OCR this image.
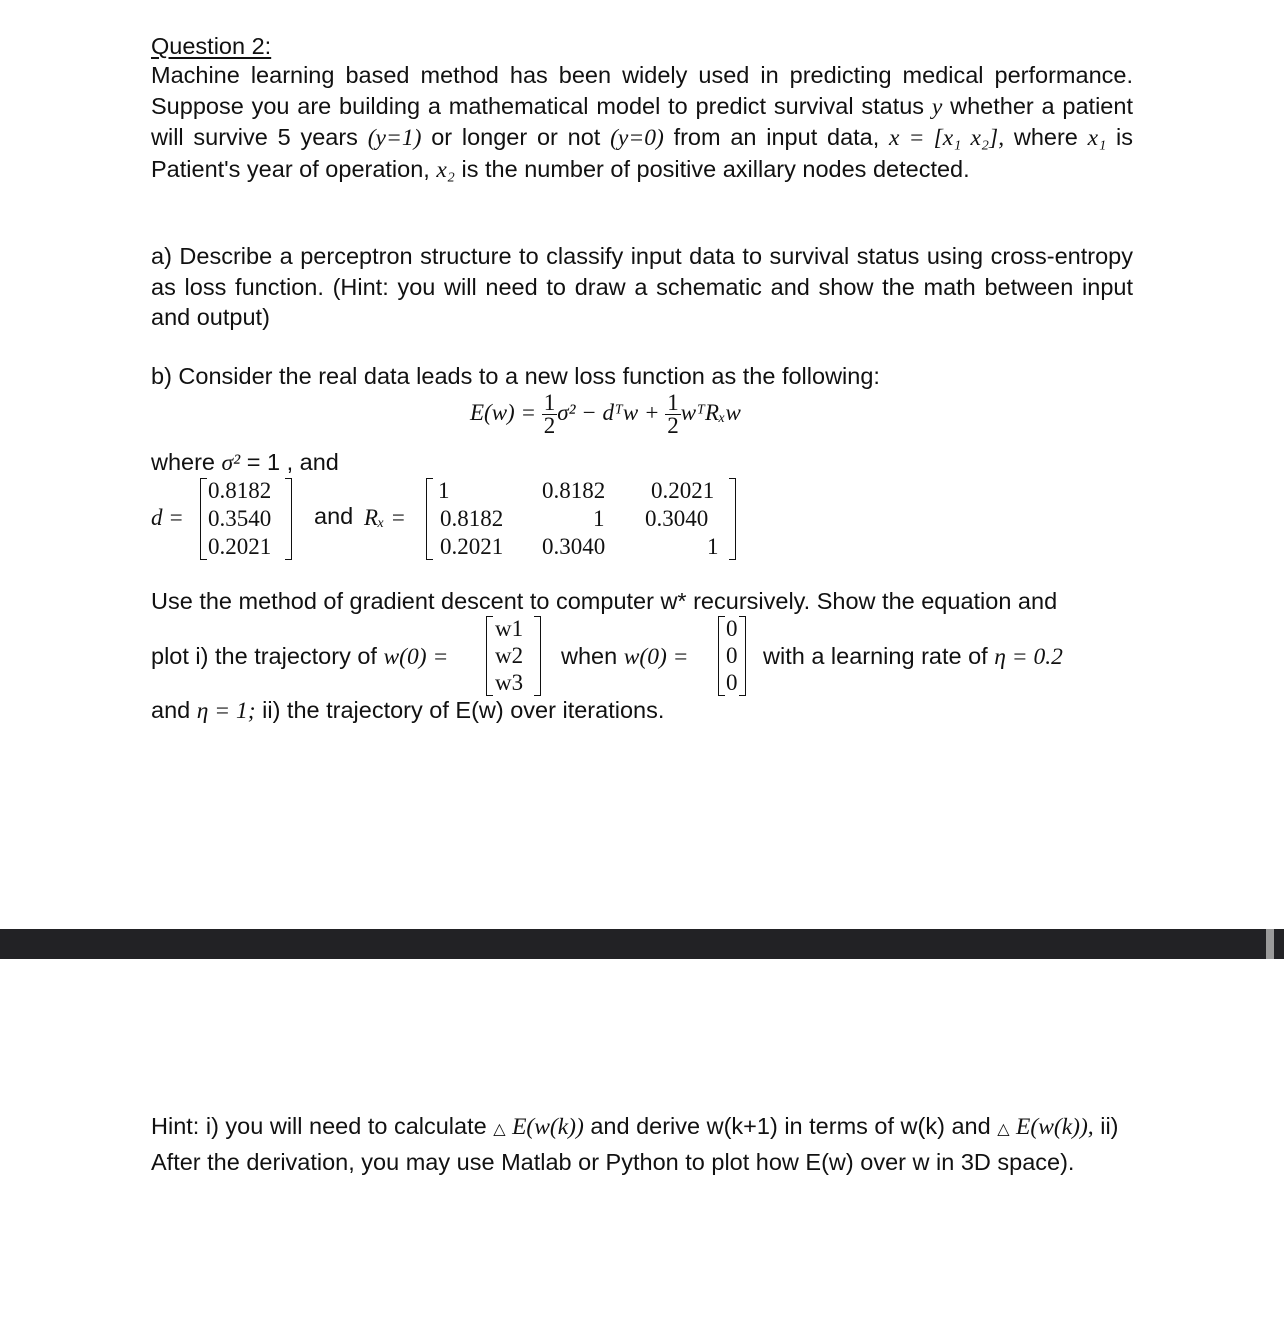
Question 2:

Machine learning based method has been widely used in predicting medical performance. Suppose you are building a mathematical model to predict survival status y whether a patient will survive 5 years (y=1) or longer or not (y=0) from an input data, x = [x₁ x₂], where x₁ is Patient's year of operation, x₂ is the number of positive axillary nodes detected.

a) Describe a perceptron structure to classify input data to survival status using cross-entropy as loss function. (Hint: you will need to draw a schematic and show the math between input and output)

b) Consider the real data leads to a new loss function as the following:
$E(w) = \frac{1}{2} \sigma^2$ − dᵀw + $\frac{1}{2}$ wᵀRₓw
where σ² = 1 , and
d =
0.8182
0.3540
0.2021
and Rₓ =
1	0.8182 0.2021
0.8182	1 0.3040
0.2021 0.3040	1
Use the method of gradient descent to computer w* recursively. Show the equation and
plot i) the trajectory of w(0) =
w1
w2
w3
when w(0) =
0
0
0
with a learning rate of η = 0.2
and η = 1; ii) the trajectory of E(w) over iterations.

Hint: i) you will need to calculate △ E(w(k)) and derive w(k+1) in terms of w(k) and △ E(w(k)), ii) After the derivation, you may use Matlab or Python to plot how E(w) over w in 3D space).
